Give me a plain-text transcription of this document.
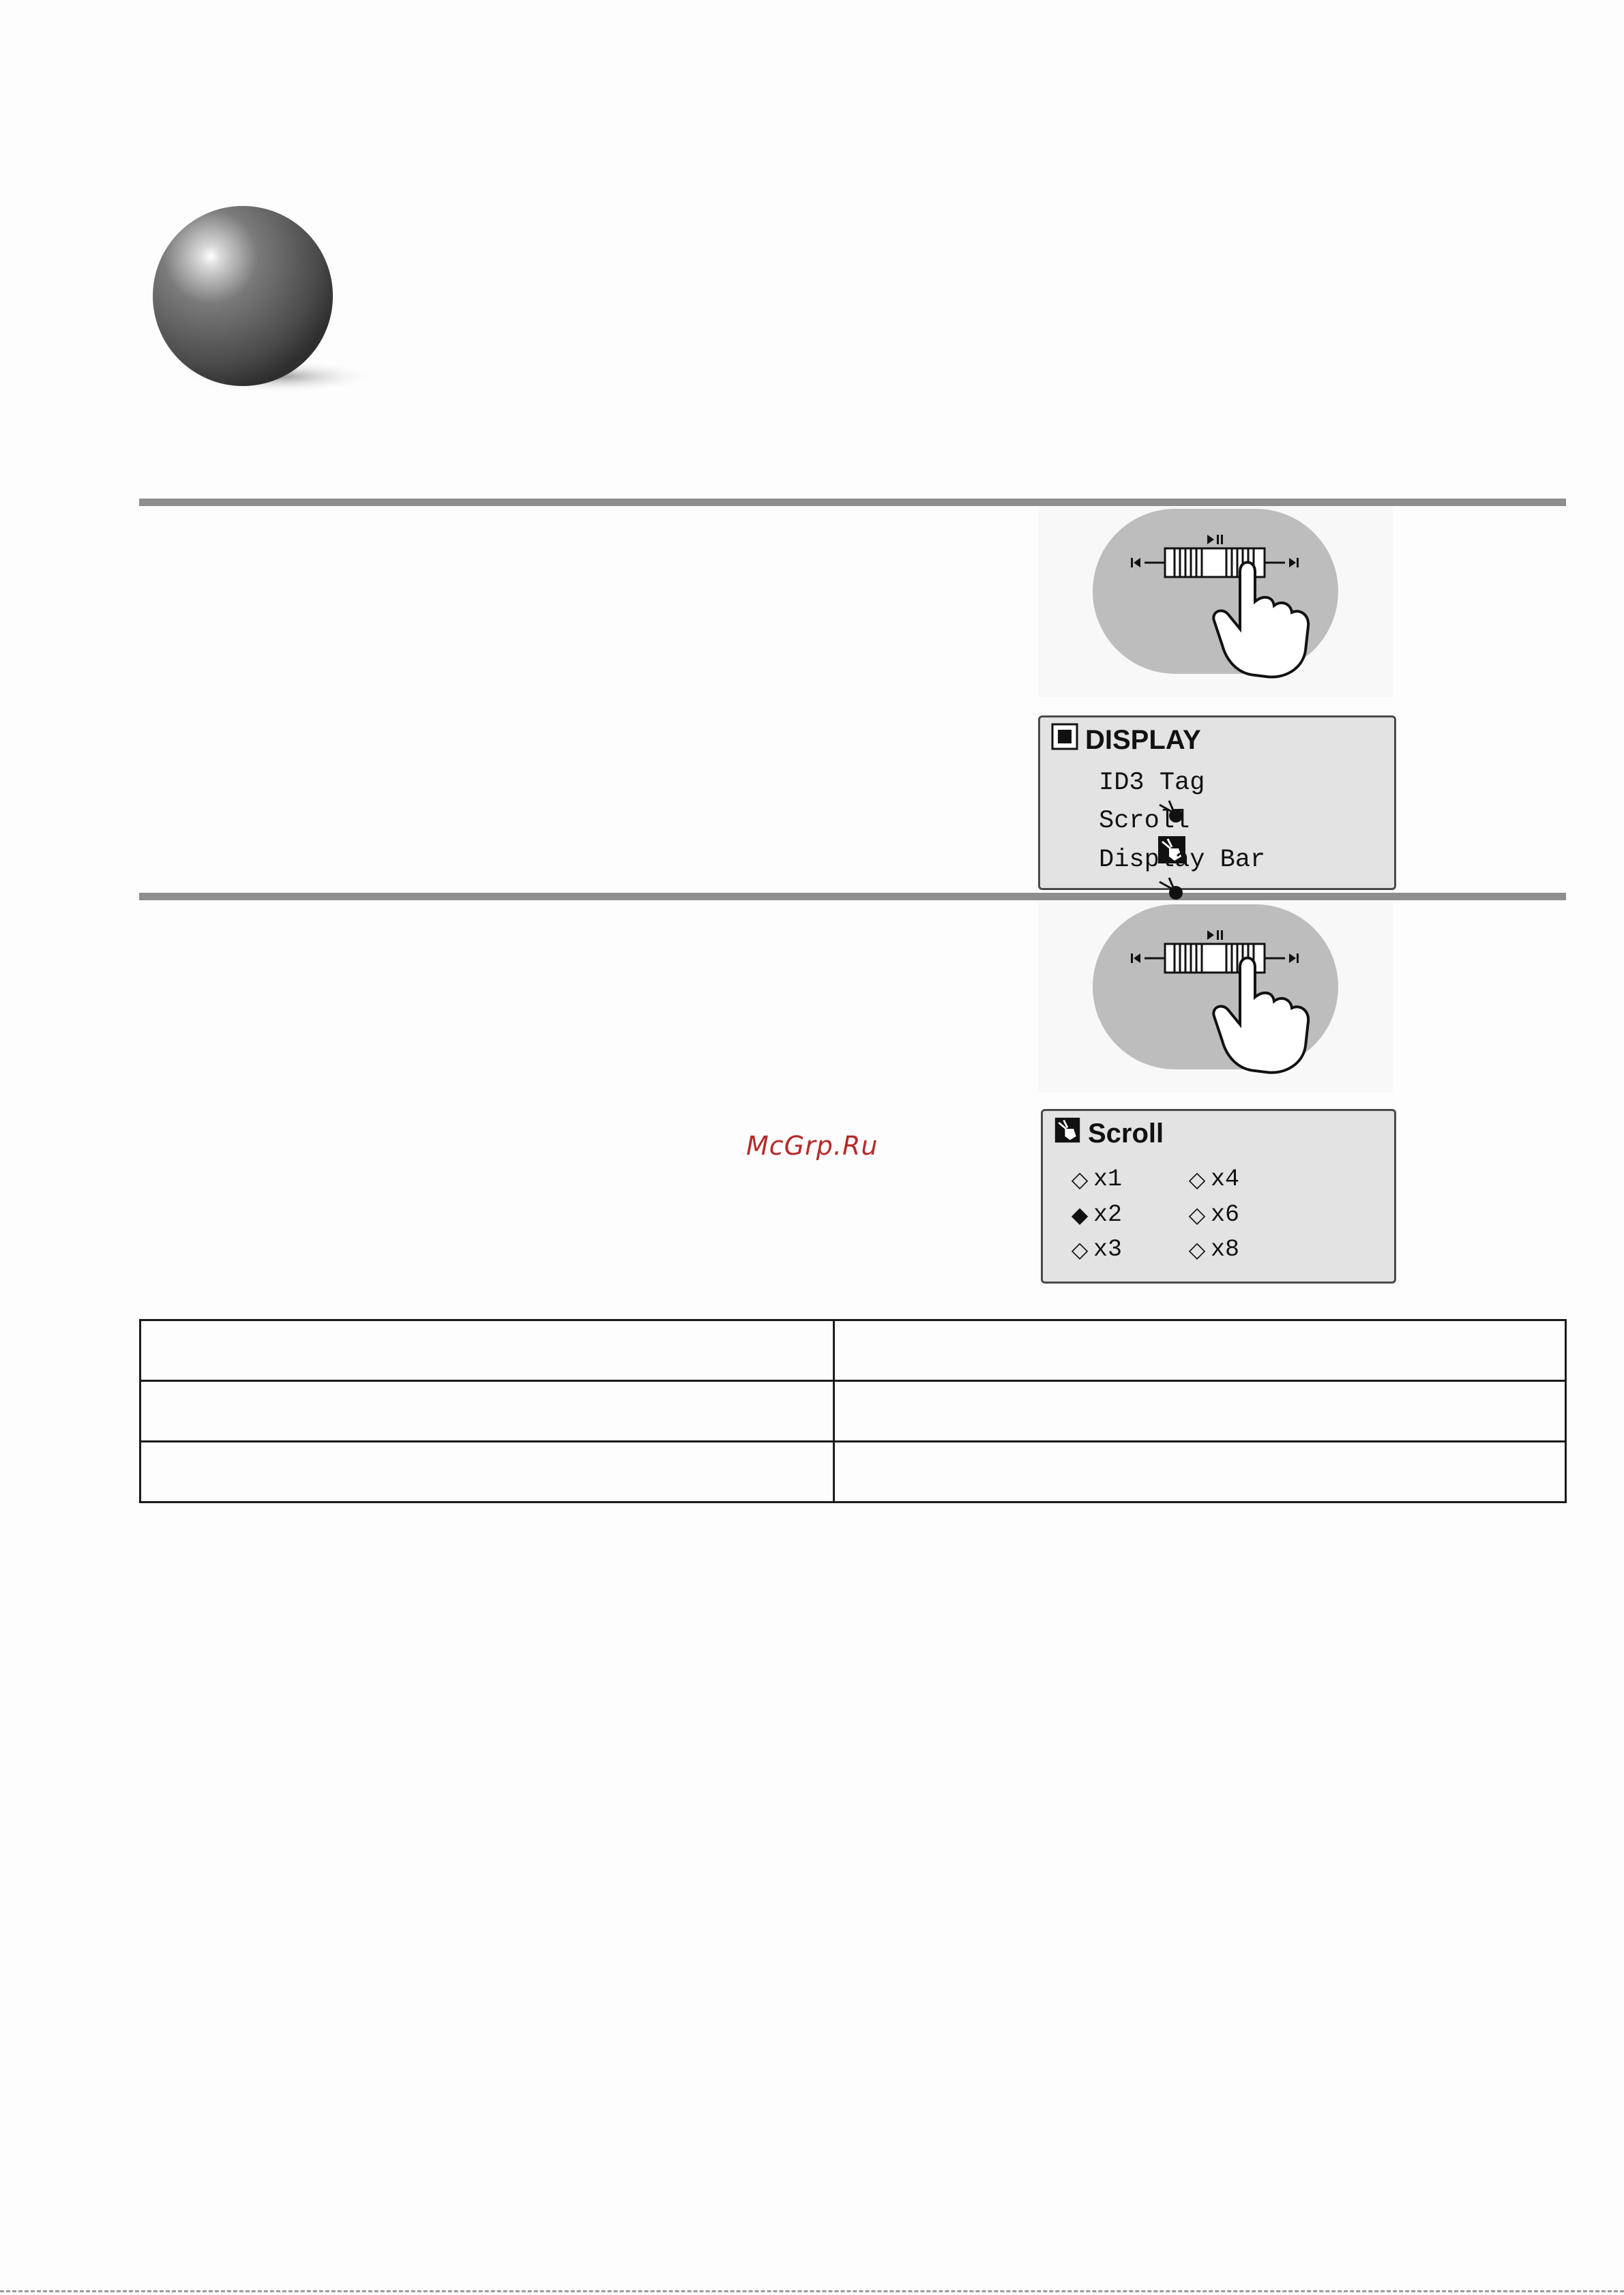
DISPLAY

ID3 Tag

Scroll

Display Bar
McGrp.Ru	Scroll
◇ x1
◆ x2
◇ x3
◇ x4
◇ x6
◇ x8
